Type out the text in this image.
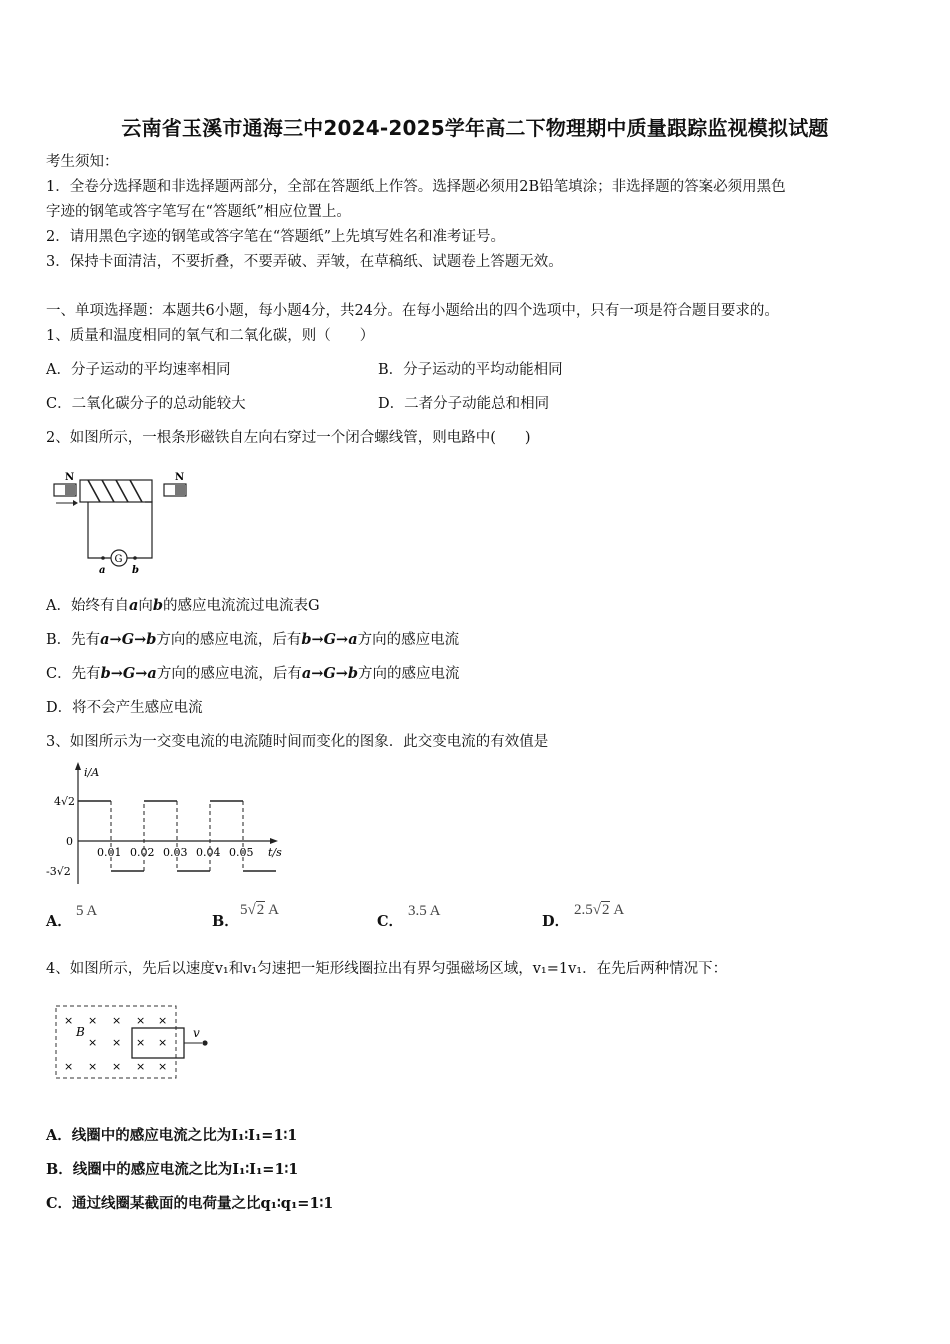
云南省玉溪市通海三中2024-2025学年高二下物理期中质量跟踪监视模拟试题
考生须知：
1．全卷分选择题和非选择题两部分，全部在答题纸上作答。选择题必须用2B铅笔填涂；非选择题的答案必须用黑色
字迹的钢笔或答字笔写在“答题纸”相应位置上。
2．请用黑色字迹的钢笔或答字笔在“答题纸”上先填写姓名和准考证号。
3．保持卡面清洁，不要折叠，不要弄破、弄皱，在草稿纸、试题卷上答题无效。
一、单项选择题：本题共6小题，每小题4分，共24分。在每小题给出的四个选项中，只有一项是符合题目要求的。
1、质量和温度相同的氧气和二氧化碳，则（　　）
A．分子运动的平均速率相同	B．分子运动的平均动能相同
C．二氧化碳分子的总动能较大	D．二者分子动能总和相同
2、如图所示，一根条形磁铁自左向右穿过一个闭合螺线管，则电路中(　　)
N	N
G
a	b
A．始终有自a向b的感应电流流过电流表G
B．先有a→G→b方向的感应电流，后有b→G→a方向的感应电流
C．先有b→G→a方向的感应电流，后有a→G→b方向的感应电流
D．将不会产生感应电流
3、如图所示为一交变电流的电流随时间而变化的图象．此交变电流的有效值是
i/A
t/s
4√2
0
-3√2
0.01 0.02 0.03 0.04 0.05
A．
5 A
B．
5√2 A
C．
3.5 A
D．
2.5√2 A
4、如图所示，先后以速度v₁和v₁匀速把一矩形线圈拉出有界匀强磁场区域，v₁=1v₁．在先后两种情况下：
B	v
× × × × ×
× × × ×
× × × × ×
A．线圈中的感应电流之比为I₁∶I₁=1∶1
B．线圈中的感应电流之比为I₁∶I₁=1∶1
C．通过线圈某截面的电荷量之比q₁∶q₁=1∶1
